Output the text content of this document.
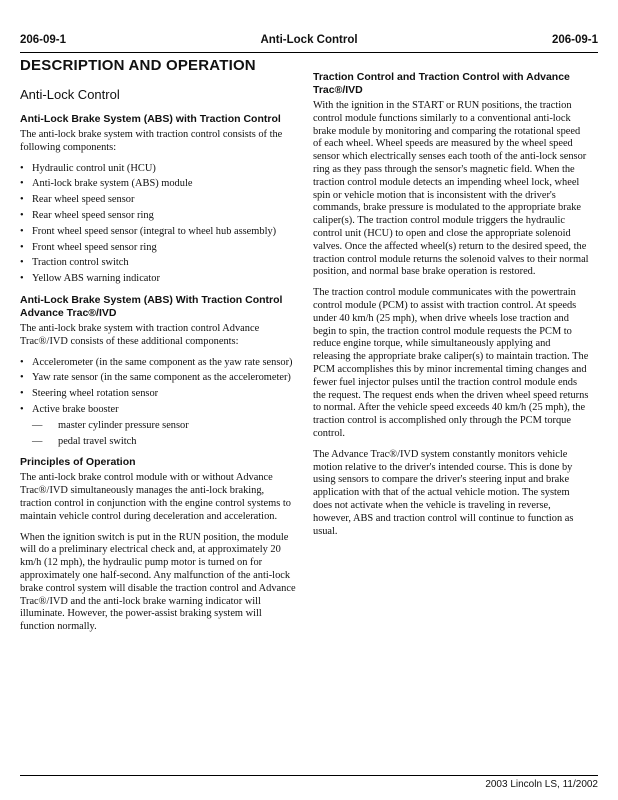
206-09-1	Anti-Lock Control	206-09-1
DESCRIPTION AND OPERATION
Anti-Lock Control
Anti-Lock Brake System (ABS) with Traction Control

The anti-lock brake system with traction control consists of the following components:

• Hydraulic control unit (HCU)
• Anti-lock brake system (ABS) module
• Rear wheel speed sensor
• Rear wheel speed sensor ring
• Front wheel speed sensor (integral to wheel hub assembly)
• Front wheel speed sensor ring
• Traction control switch
• Yellow ABS warning indicator
Anti-Lock Brake System (ABS) With Traction Control Advance Trac®/IVD

The anti-lock brake system with traction control Advance Trac®/IVD consists of these additional components:

• Accelerometer (in the same component as the yaw rate sensor)
• Yaw rate sensor (in the same component as the accelerometer)
• Steering wheel rotation sensor
• Active brake booster
— master cylinder pressure sensor
— pedal travel switch
Principles of Operation

The anti-lock brake control module with or without Advance Trac®/IVD simultaneously manages the anti-lock braking, traction control in conjunction with the engine control systems to maintain vehicle control during deceleration and acceleration.

When the ignition switch is put in the RUN position, the module will do a preliminary electrical check and, at approximately 20 km/h (12 mph), the hydraulic pump motor is turned on for approximately one half-second. Any malfunction of the anti-lock brake control system will disable the traction control and Advance Trac®/IVD and the anti-lock brake warning indicator will illuminate. However, the power-assist braking system will function normally.

Traction Control and Traction Control with Advance Trac®/IVD

With the ignition in the START or RUN positions, the traction control module functions similarly to a conventional anti-lock brake module by monitoring and comparing the rotational speed of each wheel. Wheel speeds are measured by the wheel speed sensor which electrically senses each tooth of the anti-lock sensor ring as they pass through the sensor's magnetic field. When the traction control module detects an impending wheel lock, wheel spin or vehicle motion that is inconsistent with the driver's commands, brake pressure is modulated to the appropriate brake caliper(s). The traction control module triggers the hydraulic control unit (HCU) to open and close the appropriate solenoid valves. Once the affected wheel(s) return to the desired speed, the traction control module returns the solenoid valves to their normal position, and normal base brake operation is restored.

The traction control module communicates with the powertrain control module (PCM) to assist with traction control. At speeds under 40 km/h (25 mph), when drive wheels lose traction and begin to spin, the traction control module requests the PCM to reduce engine torque, while simultaneously applying and releasing the appropriate brake caliper(s) to maintain traction. The PCM accomplishes this by minor incremental timing changes and fewer fuel injector pulses until the traction control module ends the request. The request ends when the driven wheel speed returns to normal. After the vehicle speed exceeds 40 km/h (25 mph), the traction control is accomplished only through the PCM torque control.

The Advance Trac®/IVD system constantly monitors vehicle motion relative to the driver's intended course. This is done by using sensors to compare the driver's steering input and brake application with that of the actual vehicle motion. The system does not activate when the vehicle is traveling in reverse, however, ABS and traction control will continue to function as usual.

2003 Lincoln LS, 11/2002
